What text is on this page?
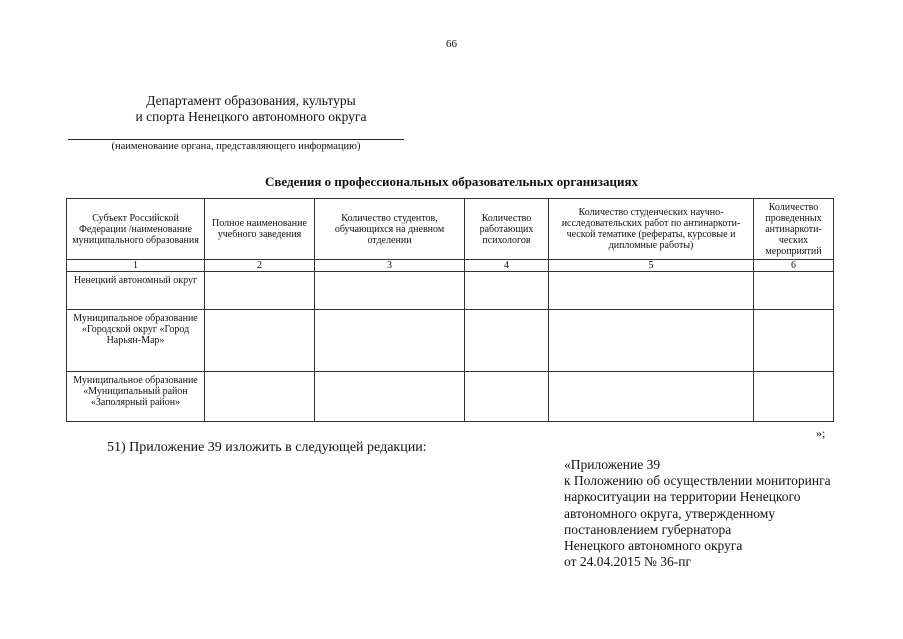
66
Департамент образования, культуры
и спорта Ненецкого автономного округа
(наименование органа, представляющего информацию)
Сведения о профессиональных образовательных организациях
Субъект Российской Федерации /наименование муниципального образования	Полное наименование учебного заведения	Количество студентов, обучающихся на дневном отделении	Количество работающих психологов	Количество студенческих научно-исследовательских работ по антинаркоти-ческой тематике (рефераты, курсовые и дипломные работы)	Количество проведенных антинаркоти-ческих мероприятий
1	2	3	4	5	6
Ненецкий автономный округ					
Муниципальное образование «Городской округ «Город Нарьян-Мар»					
Муниципальное образование «Муниципальный район «Заполярный район»					
»;
51) Приложение 39 изложить в следующей редакции:
«Приложение 39
к Положению об осуществлении мониторинга
наркоситуации на территории Ненецкого
автономного округа, утвержденному
постановлением губернатора
Ненецкого автономного округа
от 24.04.2015 № 36-пг
